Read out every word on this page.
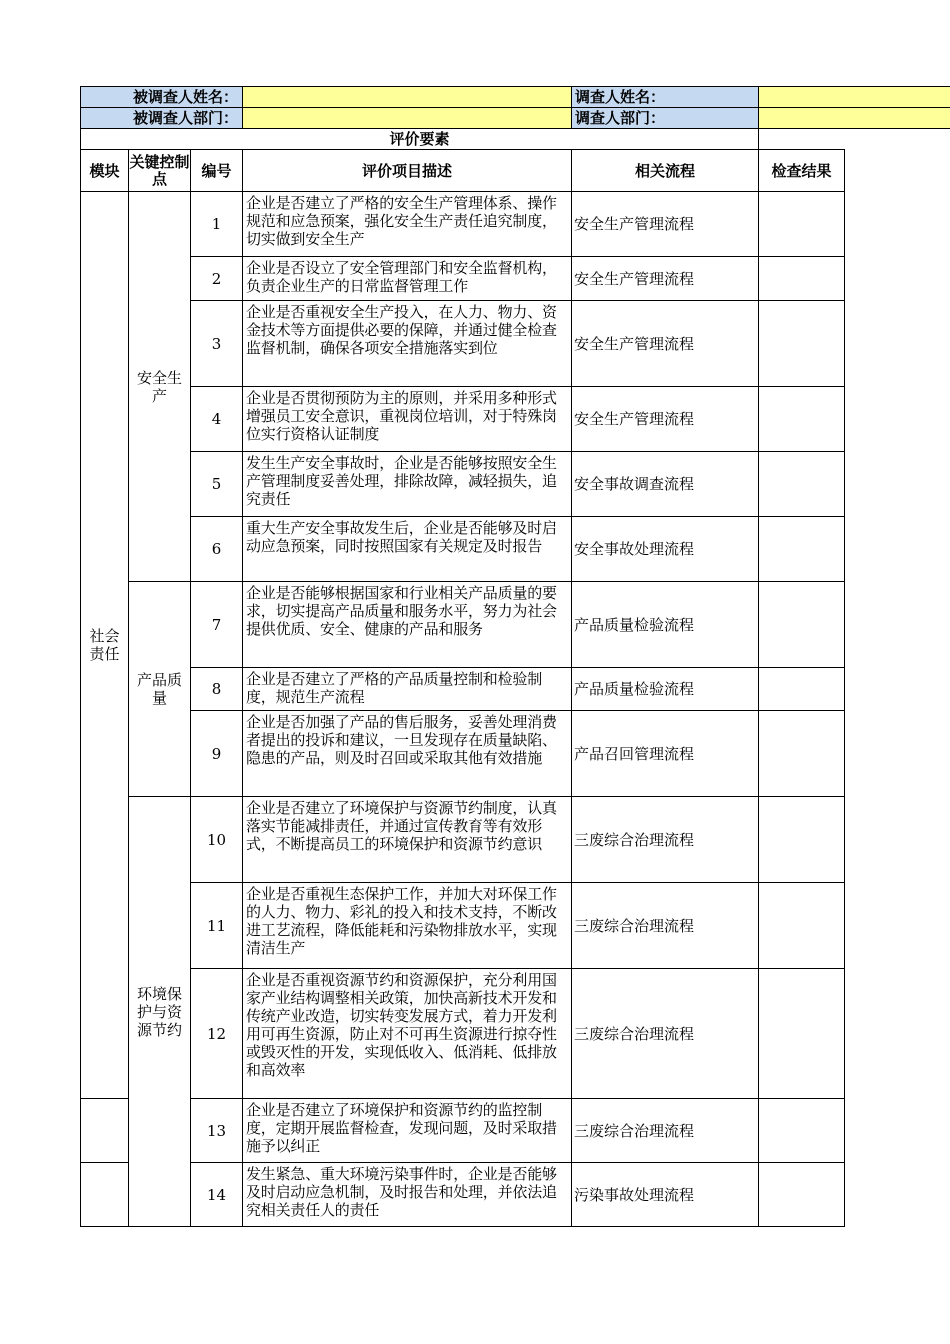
被调查人姓名：				调查人姓名：		
被调查人部门：				调查人部门：		
评价要素						
模块	关键控制点	编号	评价项目描述	相关流程	检查结果	
社会责任	安全生产	1	企业是否建立了严格的安全生产管理体系、操作规范和应急预案，强化安全生产责任追究制度，切实做到安全生产	安全生产管理流程		
		2	企业是否设立了安全管理部门和安全监督机构，负责企业生产的日常监督管理工作	安全生产管理流程		
		3	企业是否重视安全生产投入，在人力、物力、资金技术等方面提供必要的保障，并通过健全检查监督机制，确保各项安全措施落实到位	安全生产管理流程		
		4	企业是否贯彻预防为主的原则，并采用多种形式增强员工安全意识，重视岗位培训，对于特殊岗位实行资格认证制度	安全生产管理流程		
		5	发生生产安全事故时，企业是否能够按照安全生产管理制度妥善处理，排除故障，减轻损失，追究责任	安全事故调查流程		
		6	重大生产安全事故发生后，企业是否能够及时启动应急预案，同时按照国家有关规定及时报告	安全事故处理流程		
	产品质量	7	企业是否能够根据国家和行业相关产品质量的要求，切实提高产品质量和服务水平，努力为社会提供优质、安全、健康的产品和服务	产品质量检验流程		
		8	企业是否建立了严格的产品质量控制和检验制度，规范生产流程	产品质量检验流程		
		9	企业是否加强了产品的售后服务，妥善处理消费者提出的投诉和建议，一旦发现存在质量缺陷、隐患的产品，则及时召回或采取其他有效措施	产品召回管理流程		
	环境保护与资源节约	10	企业是否建立了环境保护与资源节约制度，认真落实节能减排责任，并通过宣传教育等有效形式，不断提高员工的环境保护和资源节约意识	三废综合治理流程		
		11	企业是否重视生态保护工作，并加大对环保工作的人力、物力、彩礼的投入和技术支持，不断改进工艺流程，降低能耗和污染物排放水平，实现清洁生产	三废综合治理流程		
		12	企业是否重视资源节约和资源保护，充分利用国家产业结构调整相关政策，加快高新技术开发和传统产业改造，切实转变发展方式，着力开发利用可再生资源，防止对不可再生资源进行掠夺性或毁灭性的开发，实现低收入、低消耗、低排放和高效率	三废综合治理流程		
		13	企业是否建立了环境保护和资源节约的监控制度，定期开展监督检查，发现问题，及时采取措施予以纠正	三废综合治理流程		
		14	发生紧急、重大环境污染事件时，企业是否能够及时启动应急机制，及时报告和处理，并依法追究相关责任人的责任	污染事故处理流程		
